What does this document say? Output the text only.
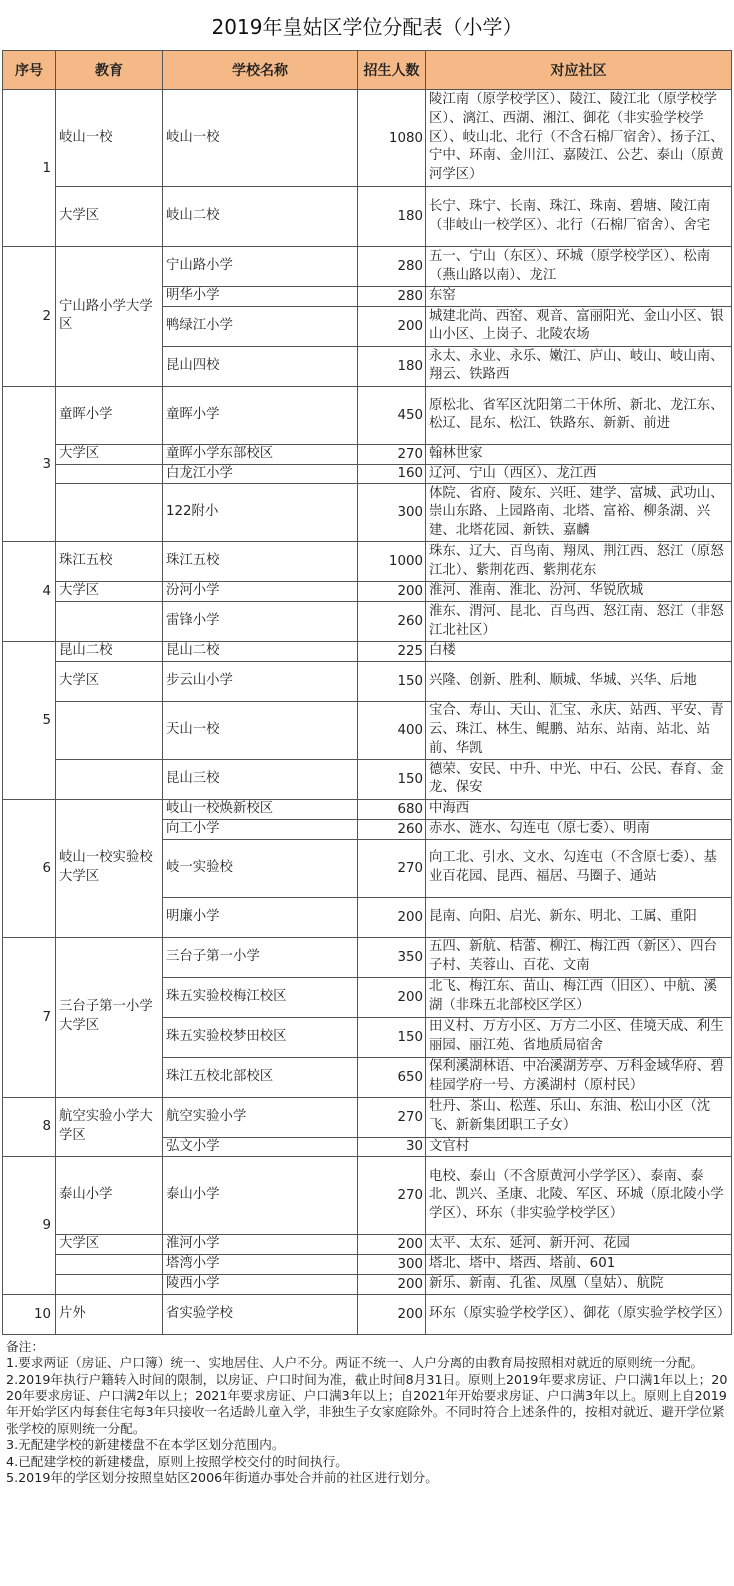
2019年皇姑区学位分配表（小学）
序号	教育	学校名称	招生人数	对应社区
1	岐山一校	岐山一校	1080	陵江南（原学校学区）、陵江、陵江北（原学校学区）、漓江、西湖、湘江、御花（非实验学校学区）、岐山北、北行（不含石棉厂宿舍）、扬子江、宁中、环南、金川江、嘉陵江、公艺、泰山（原黄河学区）
	大学区	岐山二校	180	长宁、珠宁、长南、珠江、珠南、碧塘、陵江南（非岐山一校学区）、北行（石棉厂宿舍）、舍宅
2	宁山路小学大学区	宁山路小学	280	五一、宁山（东区）、环城（原学校学区）、松南（燕山路以南）、龙江
		明华小学	280	东窑
		鸭绿江小学	200	城建北尚、西窑、观音、富丽阳光、金山小区、银山小区、上岗子、北陵农场
		昆山四校	180	永太、永业、永乐、嫩江、庐山、岐山、岐山南、翔云、铁路西
3	童晖小学	童晖小学	450	原松北、省军区沈阳第二干休所、新北、龙江东、松辽、昆东、松江、铁路东、新新、前进
	大学区	童晖小学东部校区	270	翰林世家
		白龙江小学	160	辽河、宁山（西区）、龙江西
		122附小	300	体院、省府、陵东、兴旺、建学、富城、武功山、崇山东路、上园路南、北塔、富裕、柳条湖、兴建、北塔花园、新铁、嘉麟
4	珠江五校	珠江五校	1000	珠东、辽大、百鸟南、翔凤、荆江西、怒江（原怒江北）、紫荆花西、紫荆花东
	大学区	汾河小学	200	淮河、淮南、淮北、汾河、华锐欣城
		雷锋小学	260	淮东、渭河、昆北、百鸟西、怒江南、怒江（非怒江北社区）
5	昆山二校	昆山二校	225	白楼
	大学区	步云山小学	150	兴隆、创新、胜利、顺城、华城、兴华、后地
		天山一校	400	宝合、寿山、天山、汇宝、永庆、站西、平安、青云、珠江、林生、鲲鹏、站东、站南、站北、站前、华凯
		昆山三校	150	德荣、安民、中升、中光、中石、公民、春育、金龙、保安
6	岐山一校实验校大学区	岐山一校焕新校区	680	中海西
		向工小学	260	赤水、涟水、勾连屯（原七委）、明南
		岐一实验校	270	向工北、引水、文水、勾连屯（不含原七委）、基业百花园、昆西、福居、马圈子、通站
		明廉小学	200	昆南、向阳、启光、新东、明北、工属、重阳
7	三台子第一小学大学区	三台子第一小学	350	五四、新航、桔蕾、柳江、梅江西（新区）、四台子村、芙蓉山、百花、文南
		珠五实验校梅江校区	200	北飞、梅江东、苗山、梅江西（旧区）、中航、溪湖（非珠五北部校区学区）
		珠五实验校梦田校区	150	田义村、万方小区、万方二小区、佳境天成、利生丽园、丽江苑、省地质局宿舍
		珠江五校北部校区	650	保利溪湖林语、中冶溪湖芳亭、万科金域华府、碧桂园学府一号、方溪湖村（原村民）
8	航空实验小学大学区	航空实验小学	270	牡丹、茶山、松莲、乐山、东油、松山小区（沈飞、新新集团职工子女）
		弘文小学	30	文官村
9	泰山小学	泰山小学	270	电校、泰山（不含原黄河小学学区）、泰南、泰北、凯兴、圣康、北陵、军区、环城（原北陵小学学区）、环东（非实验学校学区）
	大学区	淮河小学	200	太平、太东、延河、新开河、花园
		塔湾小学	300	塔北、塔中、塔西、塔前、601
		陵西小学	200	新乐、新南、孔雀、凤凰（皇姑）、航院
10	片外	省实验学校	200	环东（原实验学校学区）、御花（原实验学校学区）
备注：
1.要求两证（房证、户口簿）统一、实地居住、人户不分。两证不统一、人户分离的由教育局按照相对就近的原则统一分配。
2.2019年执行户籍转入时间的限制，以房证、户口时间为准，截止时间8月31日。原则上2019年要求房证、户口满1年以上；2020年要求房证、户口满2年以上；2021年要求房证、户口满3年以上；自2021年开始要求房证、户口满3年以上。原则上自2019年开始学区内每套住宅每3年只接收一名适龄儿童入学，非独生子女家庭除外。不同时符合上述条件的，按相对就近、避开学位紧张学校的原则统一分配。
3.无配建学校的新建楼盘不在本学区划分范围内。
4.已配建学校的新建楼盘，原则上按照学校交付的时间执行。
5.2019年的学区划分按照皇姑区2006年街道办事处合并前的社区进行划分。
